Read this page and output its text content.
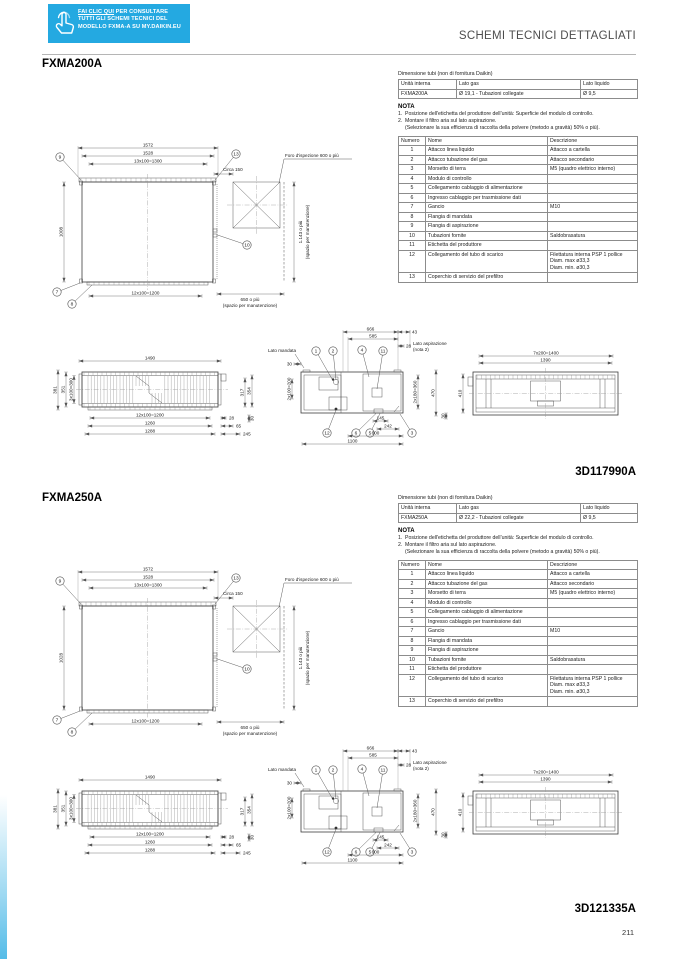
FAI CLIC QUI PER CONSULTARE
TUTTI GLI SCHEMI TECNICI DEL
MODELLO FXMA-A SU MY.DAIKIN.EU
SCHEMI TECNICI DETTAGLIATI
FXMA200A
Dimensione tubi (non di fornitura Daikin)
Unità interna	Lato gas	Lato liquido
FXMA200A	Ø 19,1 - Tubazioni collegate	Ø 9,5
NOTA
1. Posizione dell'etichetta del produttore dell'unità: Superficie del modulo di controllo.
2. Montare il filtro aria sul lato aspirazione.
(Selezionare la sua efficienza di raccolta della polvere (metodo a gravità) 50% o più).
Numero	Nome	Descrizione
1	Attacco linea liquido	Attacco a cartella

2	Attacco tubazione del gas	Attacco secondario

3	Morsetto di terra	M5 (quadro elettrico interno)

4	Modulo di controllo	

5	Collegamento cablaggio di alimentazione	

6	Ingresso cablaggio per trasmissione dati	

7	Gancio	M10

8	Flangia di mandata	

9	Flangia di aspirazione	

10	Tubazioni fornite	Saldobrasatura

11	Etichetta del produttore	

12	Collegamento del tubo di scarico	Filettatura interna PSP 1 pollice
Diam. max ø33,3
Diam. min. ø30,3

13	Coperchio di servizio del prefiltro	
1572
1528
13x100=1300
1008
12x100=1200
9
13
7
8
Circa 150
Foro d'ispezione 600 o più
1.143 o più (spazio per manutenzione)
10
650 o più
(spazio per manutenzione)
1490
381 351 3x100=300
12x100=1200
1260
1288
28
65
245
317 354
30
1	2	4	11
12	6 5	3
666
43
585
28
Lato mandata
Lato aspirazione
(nota 2)
30
2x100=200	470
2x180=360
30
145
242
600
1100
7x200=1400
1390
410
3D117990A
FXMA250A	Dimensione tubi (non di fornitura Daikin)
Unità interna	Lato gas	Lato liquido
FXMA250A	Ø 22,2 - Tubazioni collegate	Ø 9,5
NOTA
1. Posizione dell'etichetta del produttore dell'unità: Superficie del modulo di controllo.
2. Montare il filtro aria sul lato aspirazione.
(Selezionare la sua efficienza di raccolta della polvere (metodo a gravità) 50% o più).
Numero	Nome	Descrizione
1	Attacco linea liquido	Attacco a cartella

2	Attacco tubazione del gas	Attacco secondario

3	Morsetto di terra	M5 (quadro elettrico interno)

4	Modulo di controllo	

5	Collegamento cablaggio di alimentazione	

6	Ingresso cablaggio per trasmissione dati	

7	Gancio	M10

8	Flangia di mandata	

9	Flangia di aspirazione	

10	Tubazioni fornite	Saldobrasatura

11	Etichetta del produttore	

12	Collegamento del tubo di scarico	Filettatura interna PSP 1 pollice
Diam. max ø33,3
Diam. min. ø30,3

13	Coperchio di servizio del prefiltro	
1572
1528
13x100=1300
1028
12x100=1200
9
13
7
8
Circa 150
Foro d'ispezione 600 o più
1.143 o più (spazio per manutenzione)
10
650 o più
(spazio per manutenzione)
1490
381 351 3x100=300
12x100=1200
1260
1288
28
65
245
317 354
30
1	2	4	11
12	6 5	3
666
43
585
28
Lato mandata
Lato aspirazione
(nota 2)
30
2x100=200	470
2x180=360
30
145
242
600
1100
7x200=1400
1390
410
3D121335A
211
